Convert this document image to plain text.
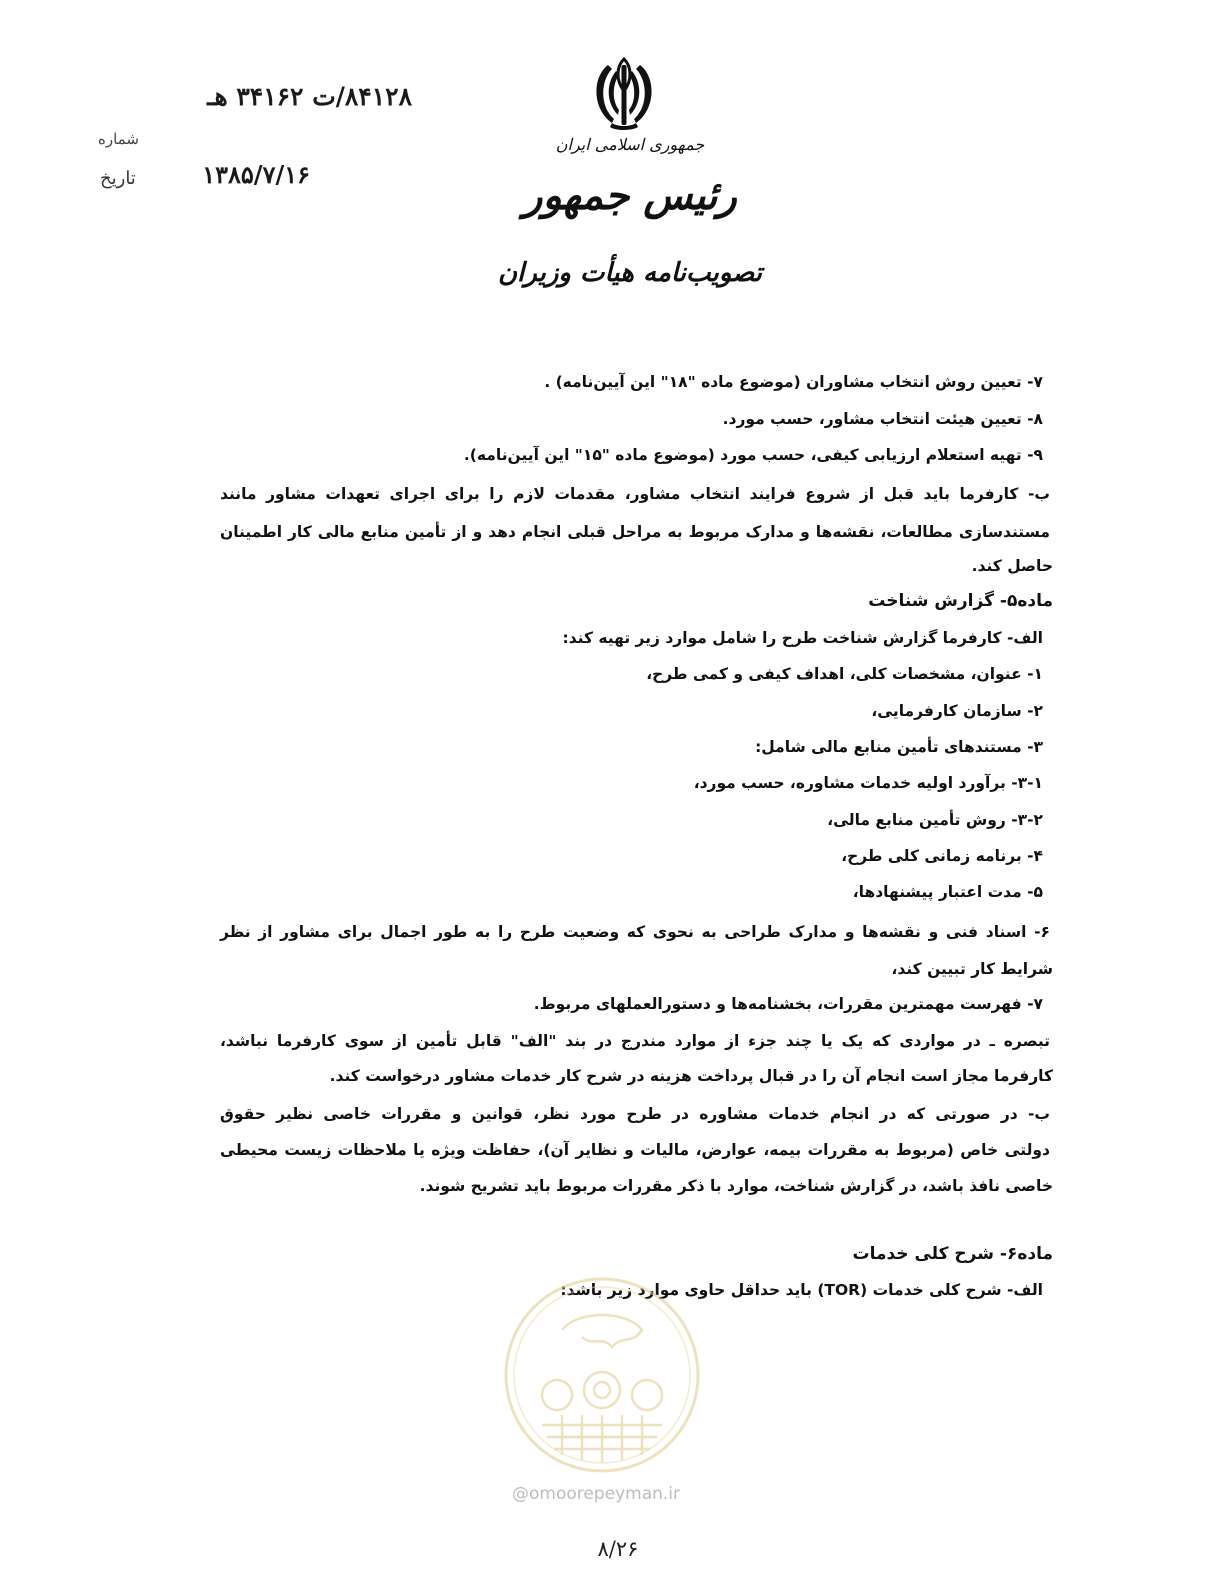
۸۴۱۲۸/ت ۳۴۱۶۲ هـ
شماره
۱۳۸۵/۷/۱۶
تاریخ
جمهوری اسلامی ایران
رئیس جمهور
تصویب‌نامه هیأت وزیران
۷- تعیین روش انتخاب مشاوران (موضوع ماده "۱۸" این آیین‌نامه) .
۸- تعیین هیئت انتخاب مشاور، حسب مورد.
۹- تهیه استعلام ارزیابی کیفی، حسب مورد (موضوع ماده "۱۵" این آیین‌نامه).
ب- کارفرما باید قبل از شروع فرایند انتخاب مشاور، مقدمات لازم را برای اجرای تعهدات مشاور مانند
مستندسازی مطالعات، نقشه‌ها و مدارک مربوط به مراحل قبلی انجام دهد و از تأمین منابع مالی کار اطمینان
حاصل کند.
ماده۵- گزارش شناخت
الف- کارفرما گزارش شناخت طرح را شامل موارد زیر تهیه کند:
۱- عنوان، مشخصات کلی، اهداف کیفی و کمی طرح،
۲- سازمان کارفرمایی،
۳- مستندهای تأمین منابع مالی شامل:
۳-۱- برآورد اولیه خدمات مشاوره، حسب مورد،
۳-۲- روش تأمین منابع مالی،
۴- برنامه زمانی کلی طرح،
۵- مدت اعتبار پیشنهادها،
۶- اسناد فنی و نقشه‌ها و مدارک طراحی به نحوی که وضعیت طرح را به طور اجمال برای مشاور از نظر
شرایط کار تبیین کند،
۷- فهرست مهمترین مقررات، بخشنامه‌ها و دستورالعملهای مربوط.
تبصره ـ در مواردی که یک یا چند جزء از موارد مندرج در بند "الف" قابل تأمین از سوی کارفرما نباشد،
کارفرما مجاز است انجام آن را در قبال پرداخت هزینه در شرح کار خدمات مشاور درخواست کند.
ب- در صورتی که در انجام خدمات مشاوره در طرح مورد نظر، قوانین و مقررات خاصی نظیر حقوق
دولتی خاص (مربوط به مقررات بیمه، عوارض، مالیات و نظایر آن)، حفاظت ویژه یا ملاحظات زیست محیطی
خاصی نافذ باشد، در گزارش شناخت، موارد با ذکر مقررات مربوط باید تشریح شوند.
ماده۶- شرح کلی خدمات
الف- شرح کلی خدمات (TOR) باید حداقل حاوی موارد زیر باشد:
@omoorepeyman.ir
۸/۲۶
